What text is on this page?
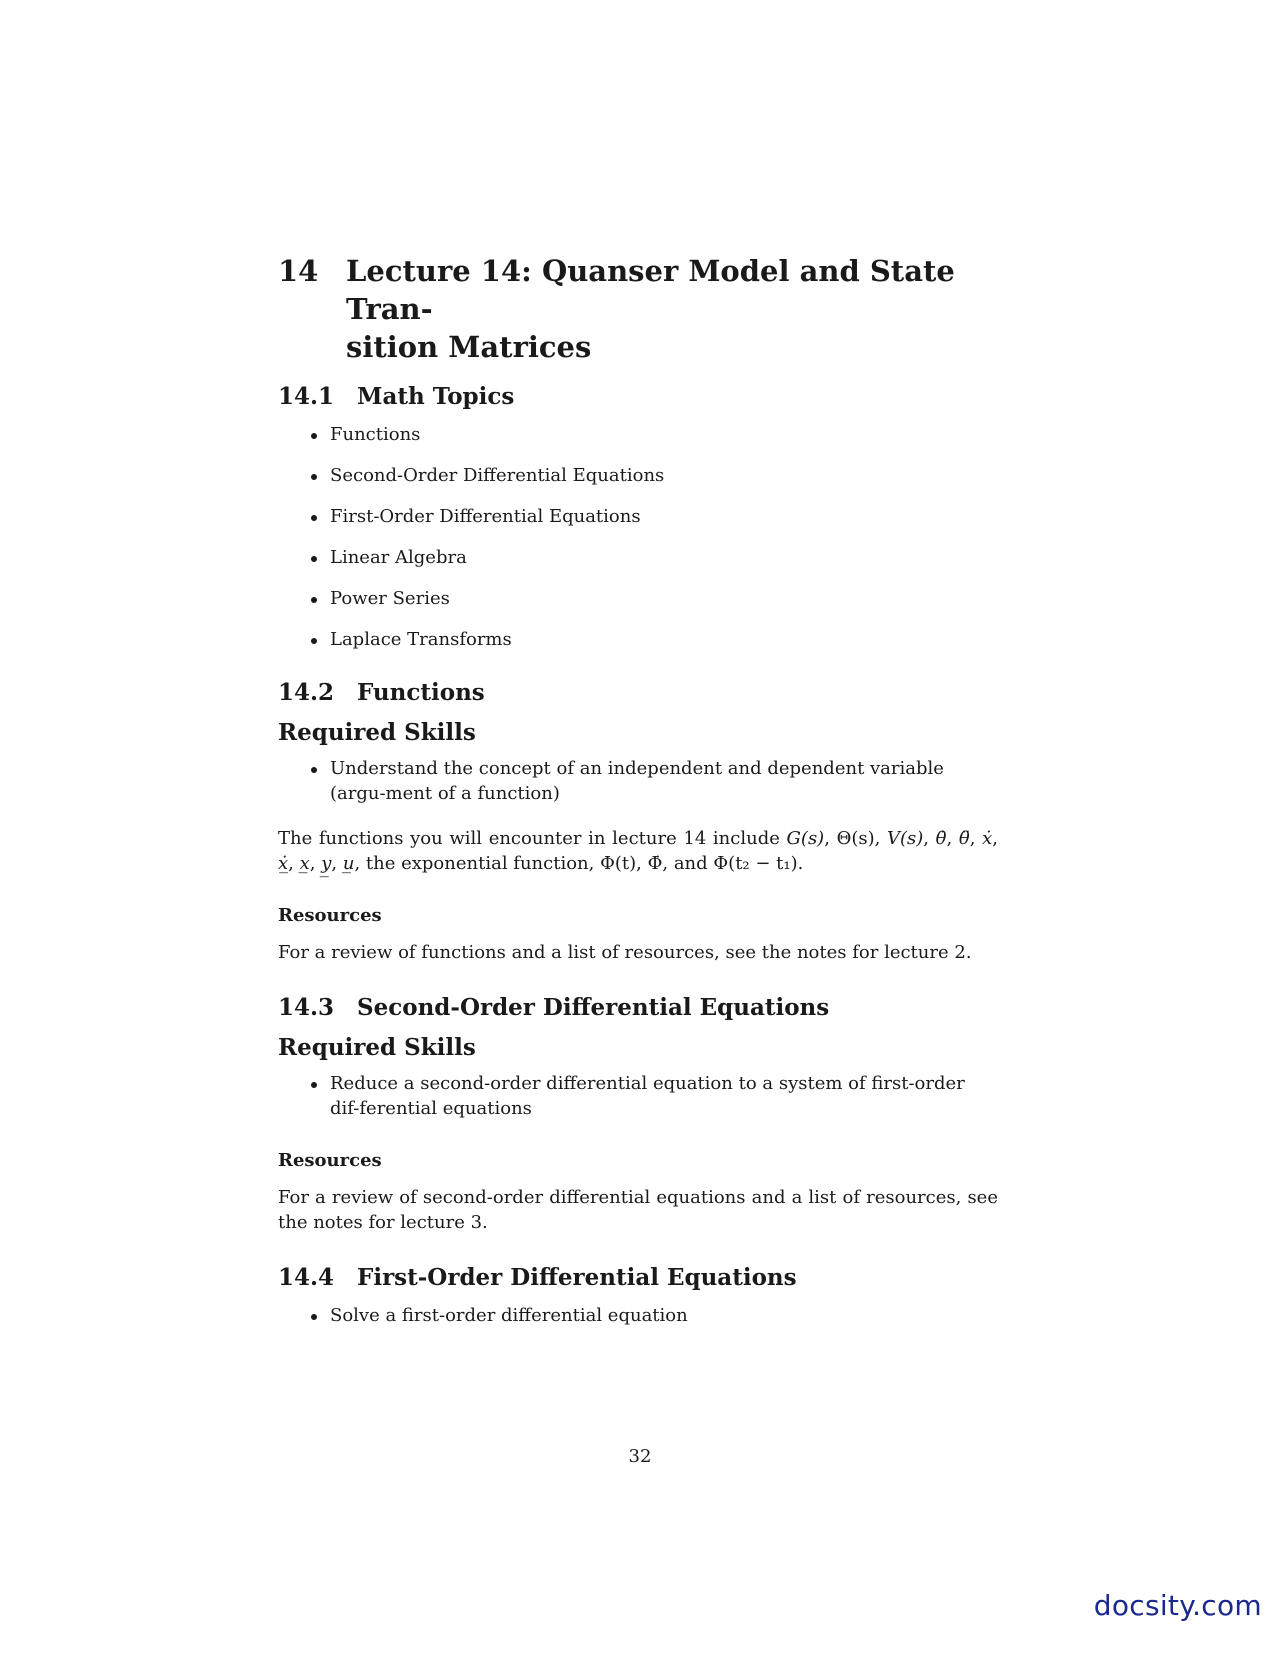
14 Lecture 14: Quanser Model and State Tran-
sition Matrices
14.1 Math Topics
Functions
Second-Order Differential Equations
First-Order Differential Equations
Linear Algebra
Power Series
Laplace Transforms
14.2 Functions
Required Skills
Understand the concept of an independent and dependent variable (argu-ment of a function)

The functions you will encounter in lecture 14 include G(s), Θ(s), V(s), θ̇, θ̈, ẋ, ẋ̲, x̲, y̲, u̲, the exponential function, Φ(t), Φ̇, and Φ(t₂ − t₁).

Resources

For a review of functions and a list of resources, see the notes for lecture 2.

14.3 Second-Order Differential Equations
Required Skills
Reduce a second-order differential equation to a system of first-order dif-ferential equations
Resources

For a review of second-order differential equations and a list of resources, see the notes for lecture 3.

14.4 First-Order Differential Equations
Solve a first-order differential equation
32
docsity.com
